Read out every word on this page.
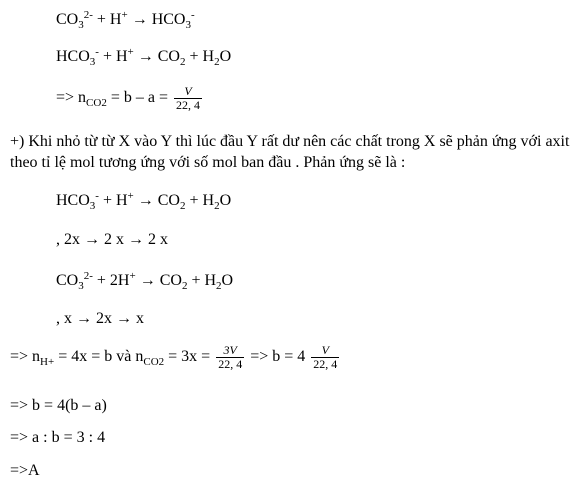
$CO_3^{2-} + H^+ \to HCO_3^-$
$HCO_3^- + H^+ \to CO_2 + H_2O$
=> $n_{CO2} = b - a = \frac{V}{22, 4}$
+) Khi nhỏ từ từ X vào Y thì lúc đầu Y rất dư nên các chất trong X sẽ phản ứng với axit theo tỉ lệ mol tương ứng với số mol ban đầu . Phản ứng sẽ là :
$HCO_3^- + H^+ \to CO_2 + H_2O$
, 2x → 2 x → 2 x
$CO_3^{2-} + 2H^+ \to CO_2 + H_2O$
, x → 2x → x
=> $n_{H+} = 4x = b$ và $n_{CO2} = 3x = \frac{3V}{22, 4} => b = 4 \frac{V}{22, 4}$
=> b = 4(b – a)
=> a : b = 3 : 4
=>A
